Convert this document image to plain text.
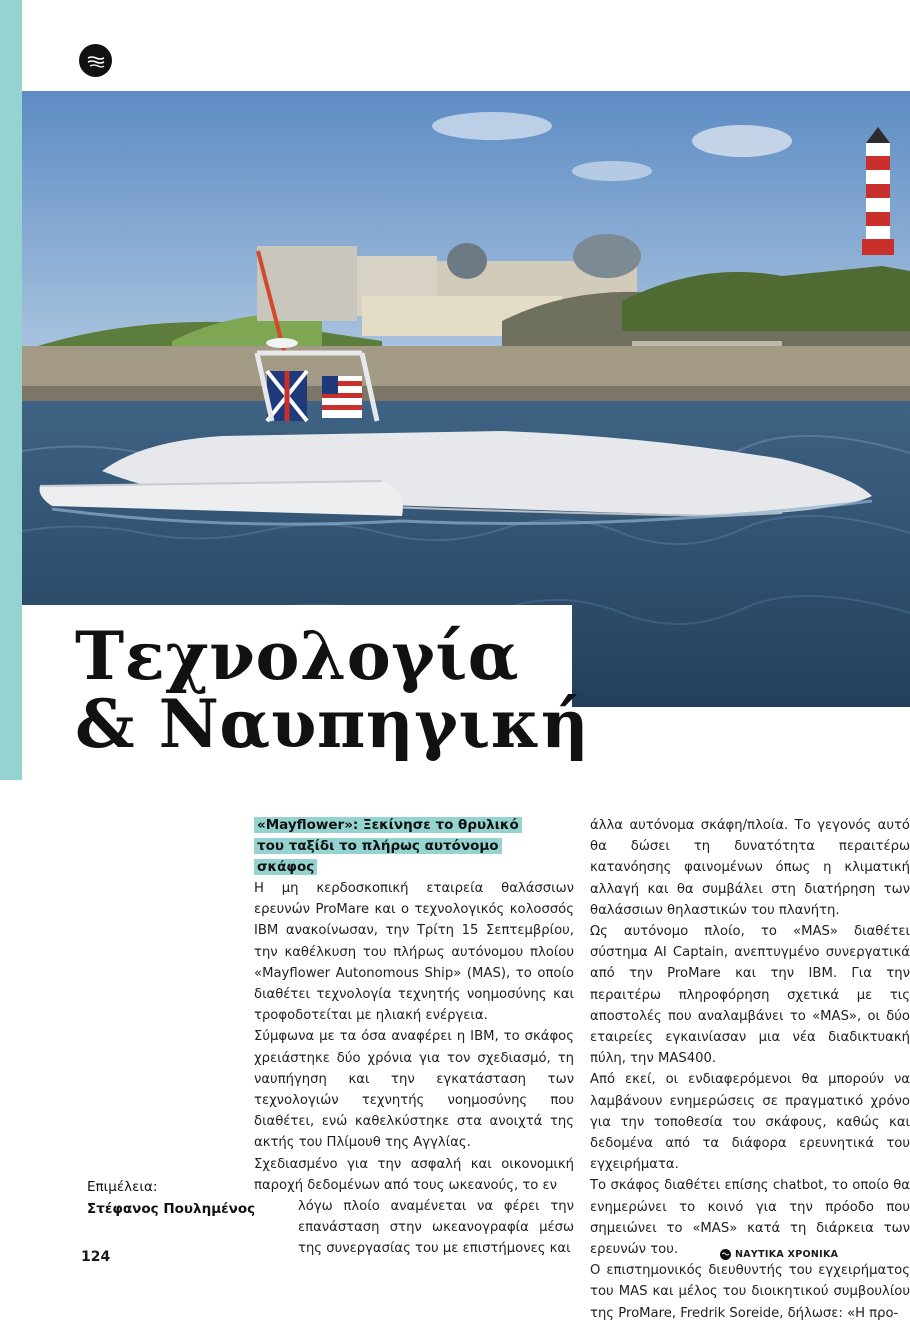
Τεχνολογία
& Ναυπηγική
«Mayflower»: Ξεκίνησε το θρυλικό του ταξίδι το πλήρως αυτόνομο σκάφος

Η μη κερδοσκοπική εταιρεία θαλάσσιων ερευνών ProMare και ο τεχνολογικός κολοσσός IBM ανακοίνωσαν, την Τρίτη 15 Σεπτεμβρίου, την καθέλκυση του πλήρως αυτόνομου πλοίου «Mayflower Autonomous Ship» (MAS), το οποίο διαθέτει τεχνολογία τεχνητής νοημοσύνης και τροφοδοτείται με ηλιακή ενέργεια.

Σύμφωνα με τα όσα αναφέρει η IBM, το σκάφος χρειάστηκε δύο χρόνια για τον σχεδιασμό, τη ναυπήγηση και την εγκατάσταση των τεχνολογιών τεχνητής νοημοσύνης που διαθέτει, ενώ καθελκύστηκε στα ανοιχτά της ακτής του Πλίμουθ της Αγγλίας.

Σχεδιασμένο για την ασφαλή και οικονομική παροχή δεδομένων από τους ωκεανούς, το εν

λόγω πλοίο αναμένεται να φέρει την επανάσταση στην ωκεανογραφία μέσω της συνεργασίας του με επιστήμονες και

άλλα αυτόνομα σκάφη/πλοία. Το γεγονός αυτό θα δώσει τη δυνατότητα περαιτέρω κατανόησης φαινομένων όπως η κλιματική αλλαγή και θα συμβάλει στη διατήρηση των θαλάσσιων θηλαστικών του πλανήτη.

Ως αυτόνομο πλοίο, το «MAS» διαθέτει σύστημα AI Captain, ανεπτυγμένο συνεργατικά από την ProMare και την IBM. Για την περαιτέρω πληροφόρηση σχετικά με τις αποστολές που αναλαμβάνει το «MAS», οι δύο εταιρείες εγκαινίασαν μια νέα διαδικτυακή πύλη, την MAS400.

Από εκεί, οι ενδιαφερόμενοι θα μπορούν να λαμβάνουν ενημερώσεις σε πραγματικό χρόνο για την τοποθεσία του σκάφους, καθώς και δεδομένα από τα διάφορα ερευνητικά του εγχειρήματα.

Το σκάφος διαθέτει επίσης chatbot, το οποίο θα ενημερώνει το κοινό για την πρόοδο που σημειώνει το «MAS» κατά τη διάρκεια των ερευνών του.

Ο επιστημονικός διευθυντής του εγχειρήματος του MAS και μέλος του διοικητικού συμβουλίου της ProMare, Fredrik Soreide, δήλωσε: «Η προ-

Επιμέλεια:
Στέφανος Πουλημένος
124	ΝΑΥΤΙΚΑ ΧΡΟΝΙΚΑ
